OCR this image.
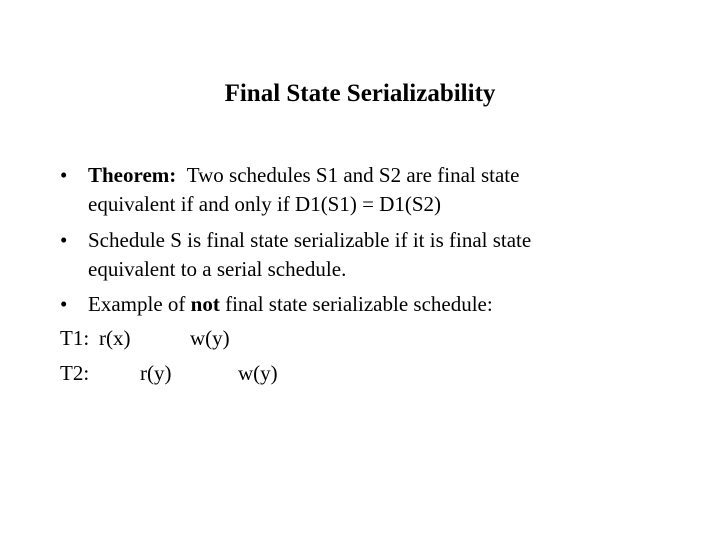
Final State Serializability
• Theorem: Two schedules S1 and S2 are final state
equivalent if and only if D1(S1) = D1(S2)
• Schedule S is final state serializable if it is final state
equivalent to a serial schedule.
• Example of not final state serializable schedule:
T1: r(x)	w(y)
T2: r(y)	w(y)
